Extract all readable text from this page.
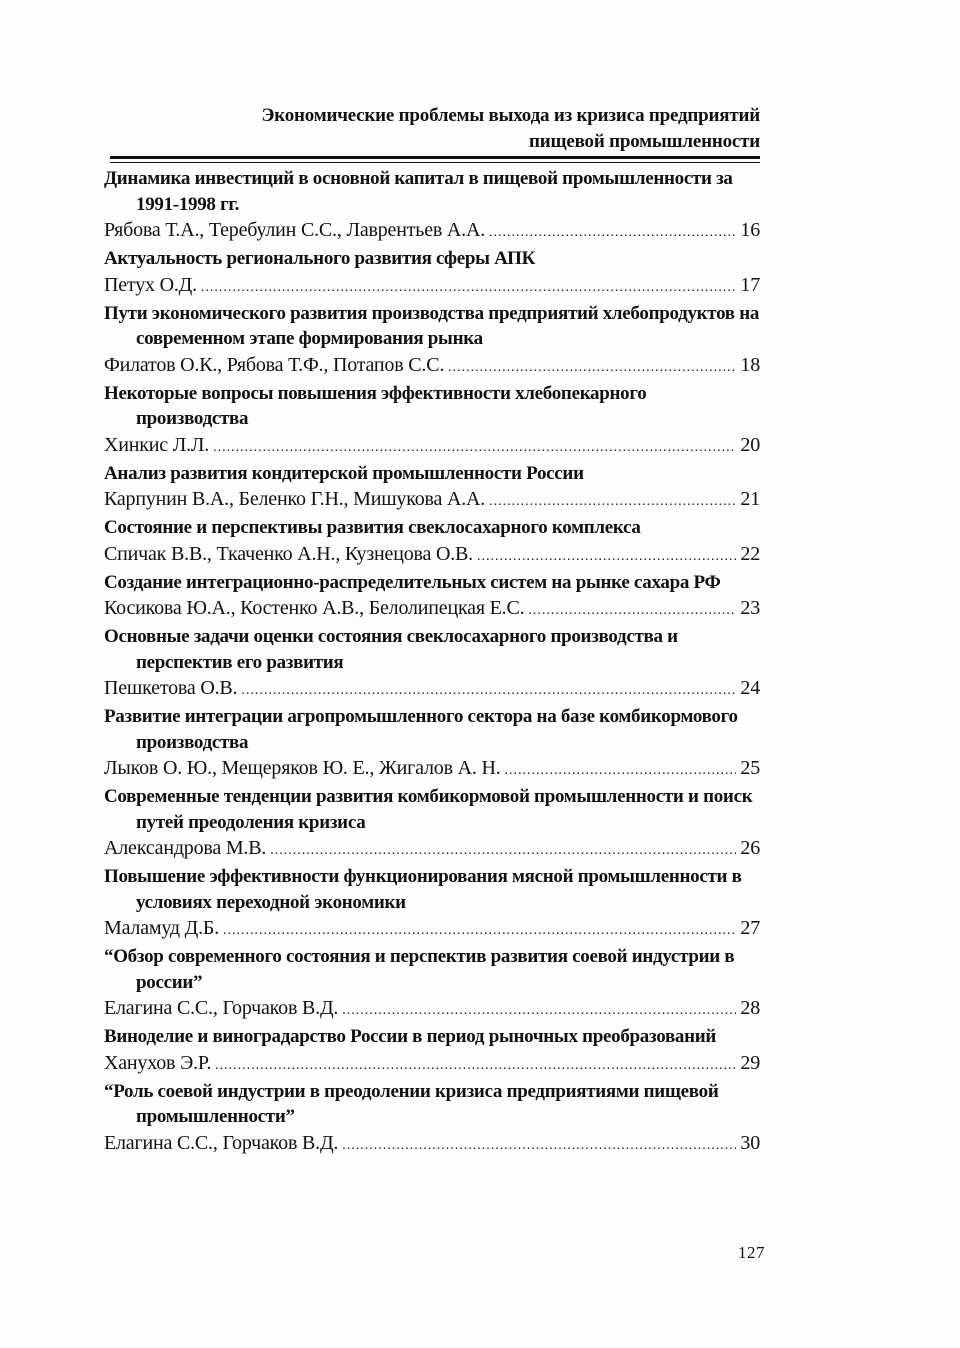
Экономические проблемы выхода из кризиса предприятий
пищевой промышленности
Динамика инвестиций в основной капитал в пищевой промышленности за 1991-1998 гг.
Рябова Т.А., Теребулин С.С., Лаврентьев А.А. .....	16
Актуальность регионального развития сферы АПК
Петух О.Д. .....	17
Пути экономического развития производства предприятий хлебопродуктов на современном этапе формирования рынка
Филатов О.К., Рябова Т.Ф., Потапов С.С. .....	18
Некоторые вопросы повышения эффективности хлебопекарного производства
Хинкис Л.Л. .....	20
Анализ развития кондитерской промышленности России
Карпунин В.А., Беленко Г.Н., Мишукова А.А. .....	21
Состояние и перспективы развития свеклосахарного комплекса
Спичак В.В., Ткаченко А.Н., Кузнецова О.В. .....	22
Создание интеграционно-распределительных систем на рынке сахара РФ
Косикова Ю.А., Костенко А.В., Белолипецкая Е.С. .....	23
Основные задачи оценки состояния свеклосахарного производства и перспектив его развития
Пешкетова О.В. .....	24
Развитие интеграции агропромышленного сектора на базе комбикормового производства
Лыков О. Ю., Мещеряков Ю. Е., Жигалов А. Н. .....	25
Современные тенденции развития комбикормовой промышленности и поиск путей преодоления кризиса
Александрова М.В. .....	26
Повышение эффективности функционирования мясной промышленности в условиях переходной экономики
Маламуд Д.Б. .....	27
“Обзор современного состояния и перспектив развития соевой индустрии в россии”
Елагина С.С., Горчаков В.Д. .....	28
Виноделие и виноградарство России в период рыночных преобразований
Ханухов Э.Р. .....	29
“Роль соевой индустрии в преодолении кризиса предприятиями пищевой промышленности”
Елагина С.С., Горчаков В.Д. .....	30
127
